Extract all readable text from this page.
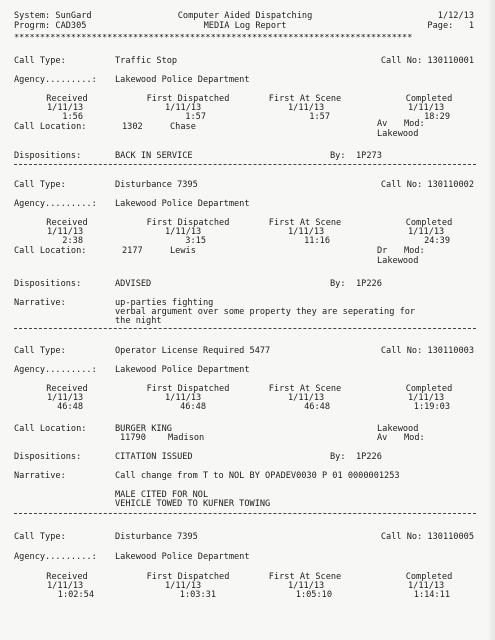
System: SunGard
Progrm: CAD305
Computer Aided Dispatching
MEDIA Log Report
1/12/13
Page:   1
*****************************************************************************
Call Type:	Traffic Stop	Call No: 130110001
Agency.........: Lakewood Police Department
Received	First Dispatched	First At Scene	Completed
1/11/13	1/11/13	1/11/13	1/11/13
1:56	1:57	1:57	18:29
Call Location:	1302	Chase	Av Mod:
Lakewood
Dispositions:	BACK IN SERVICE	By: 1P273
Call Type:	Disturbance 7395	Call No: 130110002
Agency.........: Lakewood Police Department
Received	First Dispatched	First At Scene	Completed
1/11/13	1/11/13	1/11/13	1/11/13
2:38	3:15	11:16	24:39
Call Location:	2177	Lewis	Dr Mod:
Lakewood
Dispositions:	ADVISED	By: 1P226
Narrative:	up-parties fighting
verbal argument over some property they are seperating for
the night
Call Type:	Operator License Required 5477	Call No: 130110003
Agency.........: Lakewood Police Department
Received	First Dispatched	First At Scene	Completed
1/11/13	1/11/13	1/11/13	1/11/13
46:48	46:48	46:48	1:19:03
Call Location:	BURGER KING
11790	Madison
Lakewood
Av Mod:
Dispositions:	CITATION ISSUED	By: 1P226
Narrative:	Call change from T to NOL BY OPADEV0030 P 01 0000001253
MALE CITED FOR NOL
VEHICLE TOWED TO KUFNER TOWING
Call Type:	Disturbance 7395	Call No: 130110005
Agency.........: Lakewood Police Department
Received	First Dispatched	First At Scene	Completed
1/11/13	1/11/13	1/11/13	1/11/13
1:02:54	1:03:31	1:05:10	1:14:11
